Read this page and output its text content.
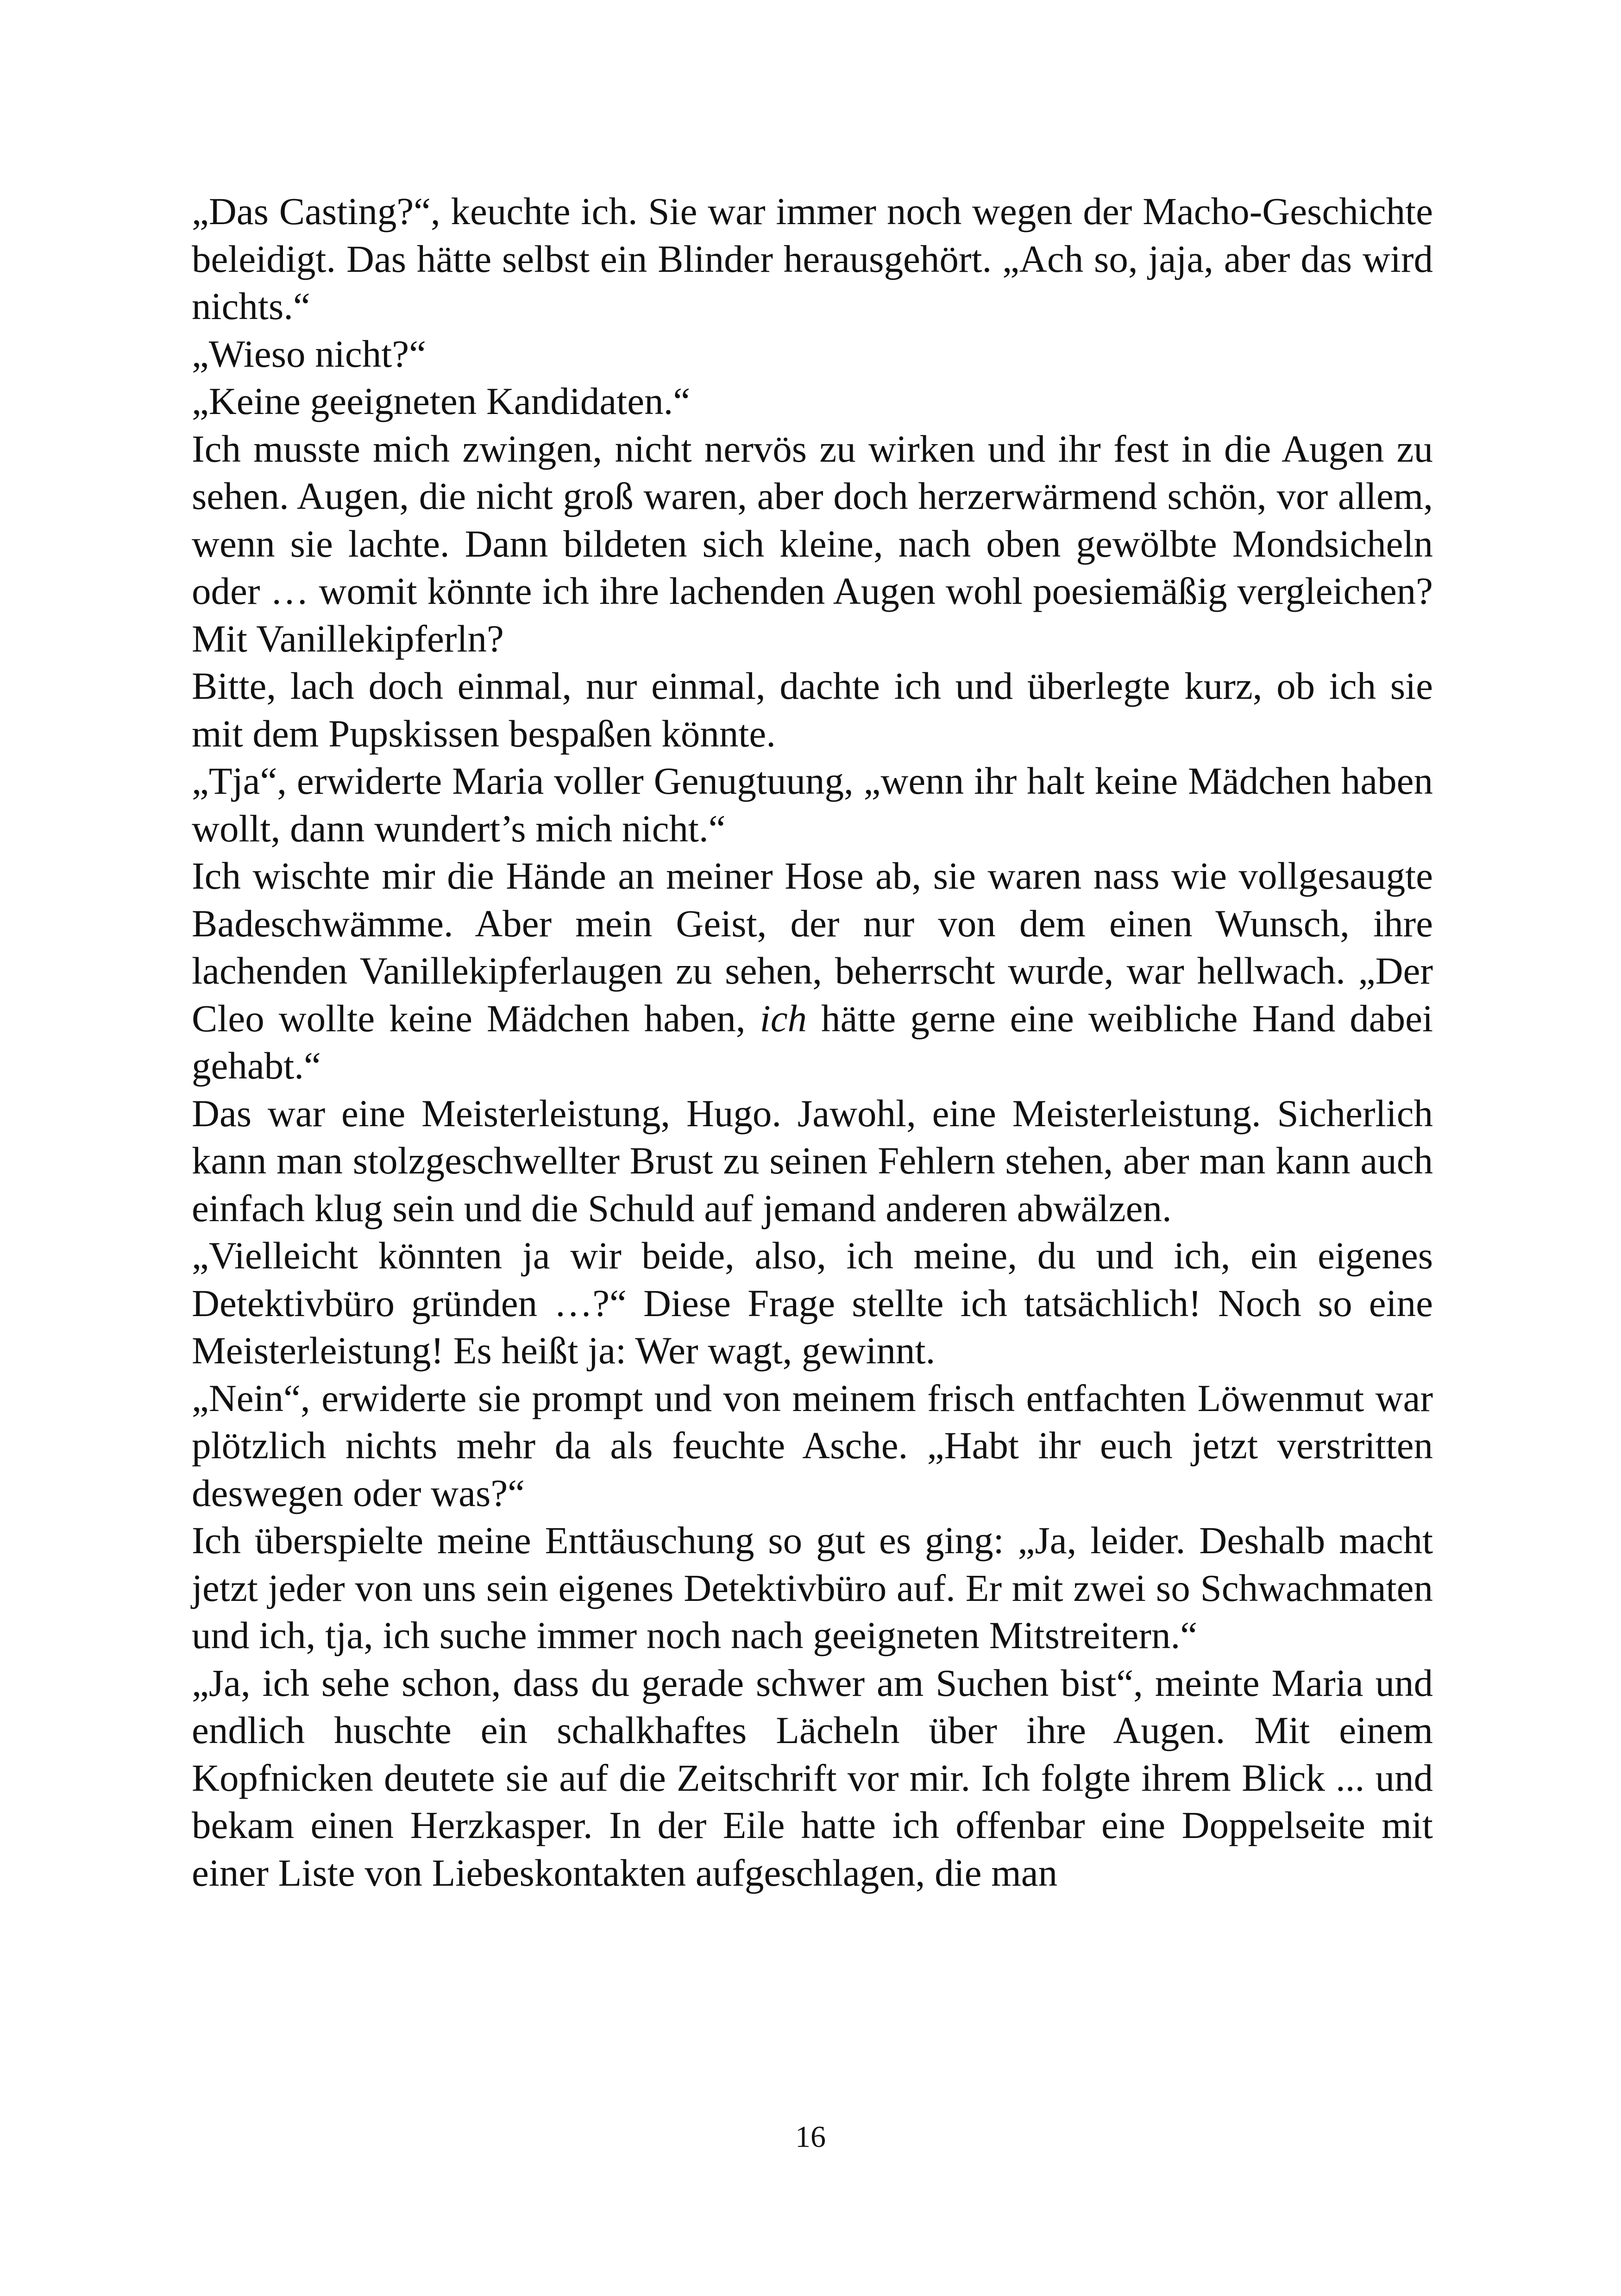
„Das Casting?“, keuchte ich. Sie war immer noch wegen der Macho-Geschichte beleidigt. Das hätte selbst ein Blinder herausgehört. „Ach so, jaja, aber das wird nichts.“

„Wieso nicht?“

„Keine geeigneten Kandidaten.“

Ich musste mich zwingen, nicht nervös zu wirken und ihr fest in die Augen zu sehen. Augen, die nicht groß waren, aber doch herzerwärmend schön, vor allem, wenn sie lachte. Dann bildeten sich kleine, nach oben gewölbte Mondsicheln oder … womit könnte ich ihre lachenden Augen wohl poesiemäßig vergleichen? Mit Vanillekipferln?

Bitte, lach doch einmal, nur einmal, dachte ich und überlegte kurz, ob ich sie mit dem Pupskissen bespaßen könnte.

„Tja“, erwiderte Maria voller Genugtuung, „wenn ihr halt keine Mädchen haben wollt, dann wundert’s mich nicht.“

Ich wischte mir die Hände an meiner Hose ab, sie waren nass wie vollgesaugte Badeschwämme. Aber mein Geist, der nur von dem einen Wunsch, ihre lachenden Vanillekipferlaugen zu sehen, beherrscht wurde, war hellwach. „Der Cleo wollte keine Mädchen haben, ich hätte gerne eine weibliche Hand dabei gehabt.“

Das war eine Meisterleistung, Hugo. Jawohl, eine Meisterleistung. Sicherlich kann man stolzgeschwellter Brust zu seinen Fehlern stehen, aber man kann auch einfach klug sein und die Schuld auf jemand anderen abwälzen.

„Vielleicht könnten ja wir beide, also, ich meine, du und ich, ein eigenes Detektivbüro gründen …?“ Diese Frage stellte ich tatsächlich! Noch so eine Meisterleistung! Es heißt ja: Wer wagt, gewinnt.

„Nein“, erwiderte sie prompt und von meinem frisch entfachten Löwenmut war plötzlich nichts mehr da als feuchte Asche. „Habt ihr euch jetzt verstritten deswegen oder was?“

Ich überspielte meine Enttäuschung so gut es ging: „Ja, leider. Deshalb macht jetzt jeder von uns sein eigenes Detektivbüro auf. Er mit zwei so Schwachmaten und ich, tja, ich suche immer noch nach geeigneten Mitstreitern.“

„Ja, ich sehe schon, dass du gerade schwer am Suchen bist“, meinte Maria und endlich huschte ein schalkhaftes Lächeln über ihre Augen. Mit einem Kopfnicken deutete sie auf die Zeitschrift vor mir. Ich folgte ihrem Blick ... und bekam einen Herzkasper. In der Eile hatte ich offenbar eine Doppelseite mit einer Liste von Liebeskontakten aufgeschlagen, die man

16
